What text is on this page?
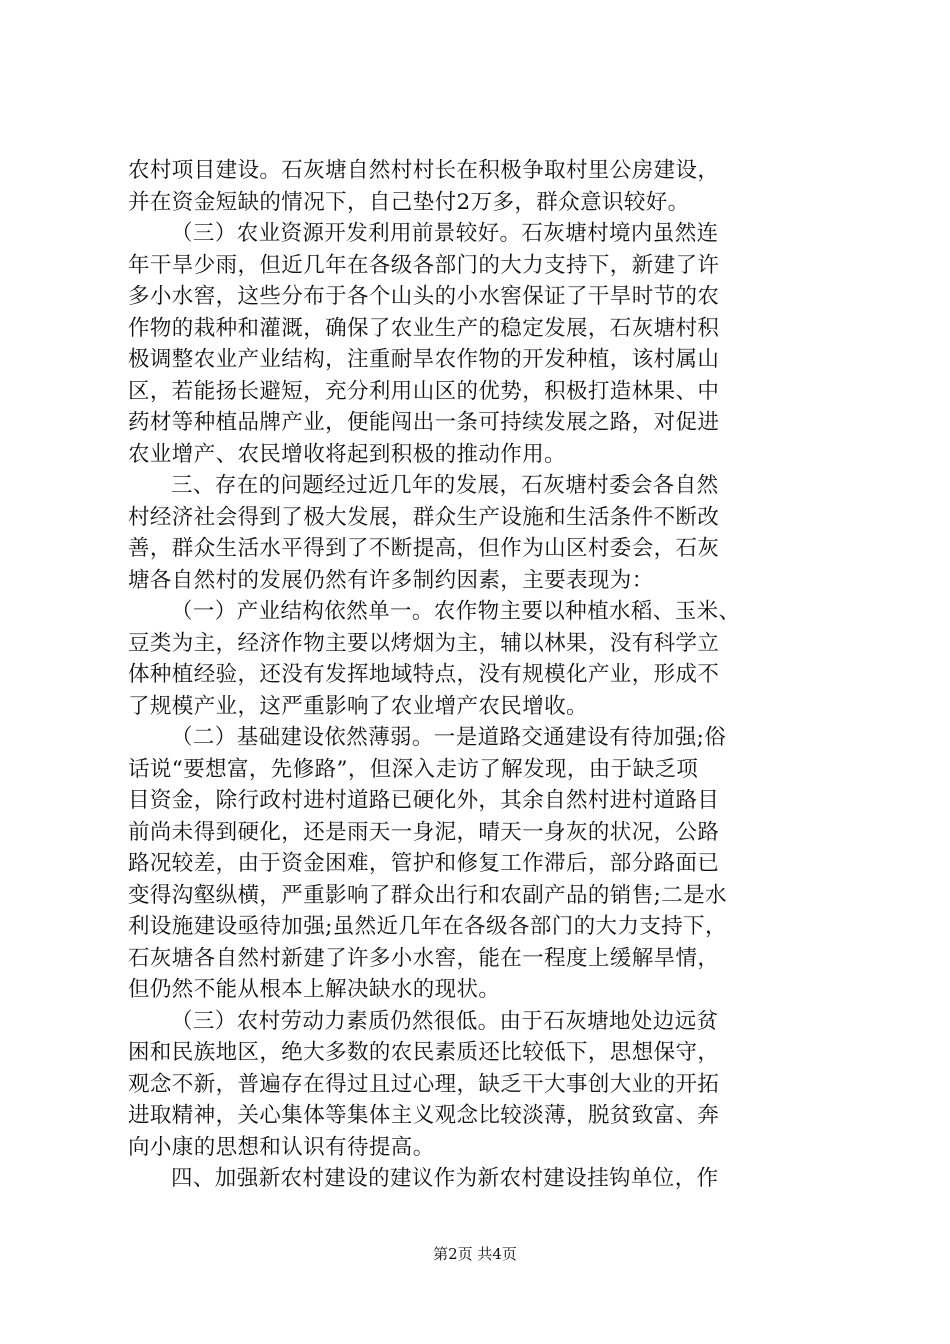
农村项目建设。石灰塘自然村村长在积极争取村里公房建设，
并在资金短缺的情况下，自己垫付2万多，群众意识较好。
（三）农业资源开发利用前景较好。石灰塘村境内虽然连
年干旱少雨，但近几年在各级各部门的大力支持下，新建了许
多小水窖，这些分布于各个山头的小水窖保证了干旱时节的农
作物的栽种和灌溉，确保了农业生产的稳定发展，石灰塘村积
极调整农业产业结构，注重耐旱农作物的开发种植，该村属山
区，若能扬长避短，充分利用山区的优势，积极打造林果、中
药材等种植品牌产业，便能闯出一条可持续发展之路，对促进
农业增产、农民增收将起到积极的推动作用。
三、存在的问题经过近几年的发展，石灰塘村委会各自然
村经济社会得到了极大发展，群众生产设施和生活条件不断改
善，群众生活水平得到了不断提高，但作为山区村委会，石灰
塘各自然村的发展仍然有许多制约因素，主要表现为：
（一）产业结构依然单一。农作物主要以种植水稻、玉米、
豆类为主，经济作物主要以烤烟为主，辅以林果，没有科学立
体种植经验，还没有发挥地域特点，没有规模化产业，形成不
了规模产业，这严重影响了农业增产农民增收。
（二）基础建设依然薄弱。一是道路交通建设有待加强;俗
话说“要想富，先修路”，但深入走访了解发现，由于缺乏项
目资金，除行政村进村道路已硬化外，其余自然村进村道路目
前尚未得到硬化，还是雨天一身泥，晴天一身灰的状况，公路
路况较差，由于资金困难，管护和修复工作滞后，部分路面已
变得沟壑纵横，严重影响了群众出行和农副产品的销售;二是水
利设施建设亟待加强;虽然近几年在各级各部门的大力支持下，
石灰塘各自然村新建了许多小水窖，能在一程度上缓解旱情，
但仍然不能从根本上解决缺水的现状。
（三）农村劳动力素质仍然很低。由于石灰塘地处边远贫
困和民族地区，绝大多数的农民素质还比较低下，思想保守，
观念不新，普遍存在得过且过心理，缺乏干大事创大业的开拓
进取精神，关心集体等集体主义观念比较淡薄，脱贫致富、奔
向小康的思想和认识有待提高。
四、加强新农村建设的建议作为新农村建设挂钩单位，作
第2页 共4页
